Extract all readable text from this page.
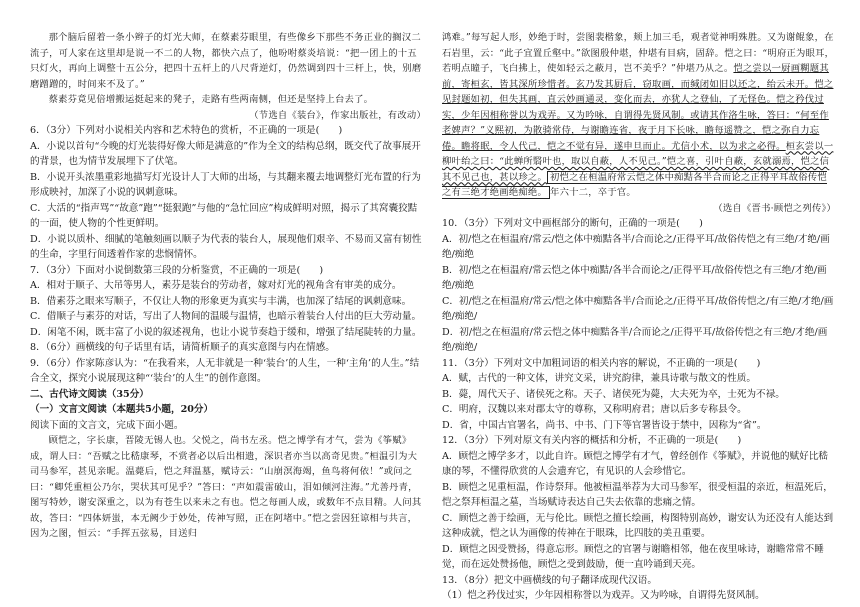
那个脑后留着一条小辫子的灯光大师，在蔡素芬眼里，有些像乡下那些不务正业的搁汉二流子，可人家在这里却是说一不二的人物，都快六点了，他吩咐蔡炎培说：“把一团上的十五只灯火，再向上调整十五公分，把四十五杆上的八尺背逆灯，仍然调到四十三杆上，快，别磨磨蹭蹭的，时间来不及了。”

蔡素芬竟见倍增搬运挺起来的凳子，走路有些两南侧，但还是坚持上台去了。

（节选自《装台》，作家出版社，有改动）

6．（3分）下列对小说相关内容和艺术特色的赏析，不正确的一项是(　　)

A．小说以首句“今晚的灯光装得好像大师是满意的”作为全文的结构总纲，既交代了故事展开的背景，也为情节发展埋下了伏笔。

B．小说开头浓墨重彩地描写灯光设计人丁大师的出场，与其翻来覆去地调整灯光布置的行为形成映衬，加深了小说的讽刺意味。

C．大活的“指声骂”“故意”跑”“挺狠跑”与他的“急忙回应”构成鲜明对照，揭示了其窝囊狡黠的一面，使人物的个性更鲜明。

D．小说以质朴、细腻的笔触刻画以顺子为代表的装台人，展现他们艰辛、不易而又富有韧性的生命，字里行间透着作家的悲悯情怀。

7．（3分）下面对小说倒数第三段的分析鉴赏，不正确的一项是(　　)

A．相对于顺子、大吊等男人，素芬是装台的劳动者，嫁对灯光的视角含有审美的成分。

B．借素芬之眼来写顺子，不仅让人物的形象更为真实与丰满，也加深了结尾的讽刺意味。

C．借顺子与素芬的对话，写出了人物间的温暖与温情，也暗示着装台人付出的巨大劳动量。

D．闲笔不闲，既丰富了小说的叙述视角，也让小说节奏趋于缓和，增强了结尾陡转的力量。

8．（6分）画横线的句子话里有话，请简析顺子的真实意图与内在情感。

9．（6分）作家陈彦认为：“在我看来，人无非就是一种‘装台’的人生，一种‘主角’的人生。”结合全文，探究小说展现这种“‘装台’的人生”的创作意图。

二、古代诗文阅读（35分）

（一）文言文阅读（本题共5小题，20分）

阅读下面的文言文，完成下面小题。

顾恺之，字长康，晋陵无锡人也。父悦之，尚书左丞。恺之博学有才气，尝为《筝赋》成，谓人曰：“吾赋之比嵇康琴，不赏者必以后出相遗，深识者亦当以高奇见贵。”桓温引为大司马参军，甚见亲昵。温薨后，恺之拜温墓，赋诗云：“山崩溟海竭，鱼鸟将何依！”或问之曰：“卿凭重桓公乃尔，哭状其可见乎？”答曰：“声如震雷破山，泪如倾河注海。”尤善丹青，图写特妙，谢安深重之，以为有苍生以来未之有也。恺之每画人成，或数年不点目精。人问其故，答曰：“四体妍蚩，本无阙少于妙处，传神写照，正在阿堵中。”恺之尝因狂谅相与共言，因为之图，恒云：“手挥五弦易，目送归

鸿难。”每写起人形，妙绝于时，尝图裴楷象，颊上加三毛，观者觉神明殊胜。又为谢鲲象，在石岩里，云：“此子宜置丘壑中。”欲图殷仲堪，仲堪有目病，固辞。恺之曰：“明府正为眼耳，若明点瞳子，飞白拂上，使如轻云之蔽月，岂不美乎？”仲堪乃从之。恺之尝以一厨画糊题其前，寄桓玄，皆其深所珍惜者。玄乃发其厨后，窃取画，而缄闭如旧以还之，绐云未开。恺之见封题如初，但失其画，直云妙画通灵，变化而去，亦犹人之登仙，了无怪色。恺之矜伐过实，少年因相称誉以为戏弄。又为吟咏，自谓得先贤风制。或请其作洛生咏，答曰：“何至作老婢声？”义熙初，为散骑常侍，与谢瞻连省，夜于月下长咏，瞻每遥赞之，恺之弥自力忘倦。瞻将眠，令人代己，恺之不觉有异，遂申旦而止。尤信小术，以为求之必得。桓玄尝以一柳叶绐之曰：“此蝉所翳叶也，取以自蔽，人不见己。”恺之喜，引叶自蔽，玄就溺焉，恺之信其不见己也，甚以珍之。 初恺之在桓温府常云恺之体中痴黠各半合而论之正得平耳故俗传恺之有三绝才绝画绝痴绝。 年六十二，卒于官。

（选自《晋书·顾恺之列传》）

10．（3分）下列对文中画框部分的断句，正确的一项是(　　)

A．初/恺之在桓温府/常云/恺之体中痴黠各半/合而论之/正得平耳/故俗传恺之有三绝/才绝/画绝/痴绝

B．初/恺之在桓温府/常云恺之体中痴黠/各半合而论之/正得平耳/故俗传恺之有三绝/才绝/画绝/痴绝

C．初/恺之在桓温府/常云/恺之体中痴黠各半/合而论之/正得平耳/故俗传恺之/有三绝/才绝/画绝/痴绝/

D．初/恺之在桓温府/常云恺之体中痴黠各半/合而论之/正得平耳/故俗传恺之有三绝/才绝/画绝/痴绝/

11．（3分）下列对文中加粗词语的相关内容的解说，不正确的一项是(　　)

A．赋，古代的一种文体，讲究文采，讲究韵律，兼具诗歌与散文的性质。

B．薨，周代天子、诸侯死之称。天子、诸侯死为薨，大夫死为卒，士死为不禄。

C．明府，汉魏以来对郡太守的尊称，又称明府君；唐以后多专称县令。

D．省，中国古官署名，尚书、中书、门下等官署皆设于禁中，因称为“省”。

12．（3分）下列对原文有关内容的概括和分析，不正确的一项是(　　)

A．顾恺之博学多才，以此自许。顾恺之博学有才气，曾经创作《筝赋》，并说他的赋好比嵇康的琴，不懂得欣赏的人会遗弃它，有见识的人会珍惜它。

B．顾恺之见重桓温，作诗祭拜。他被桓温举荐为大司马参军，很受桓温的亲近，桓温死后，恺之祭拜桓温之墓，当场赋诗表达自己失去依靠的悲痛之情。

C．顾恺之善于绘画，无与伦比。顾恺之擅长绘画，构图特别高妙，谢安认为还没有人能达到这种成就，恺之认为画像的传神在于眼珠，比四肢的美丑重要。

D．顾恺之因受赞扬，得意忘形。顾恺之的官署与谢瞻相邻，他在夜里咏诗，谢瞻常常不睡觉，而在远处赞扬他，顾恺之受到鼓励，便一直吟诵到天亮。

13．（8分）把文中画横线的句子翻译成现代汉语。

（1）恺之矜伐过实，少年因相称誉以为戏弄。又为吟咏，自谓得先贤风制。
